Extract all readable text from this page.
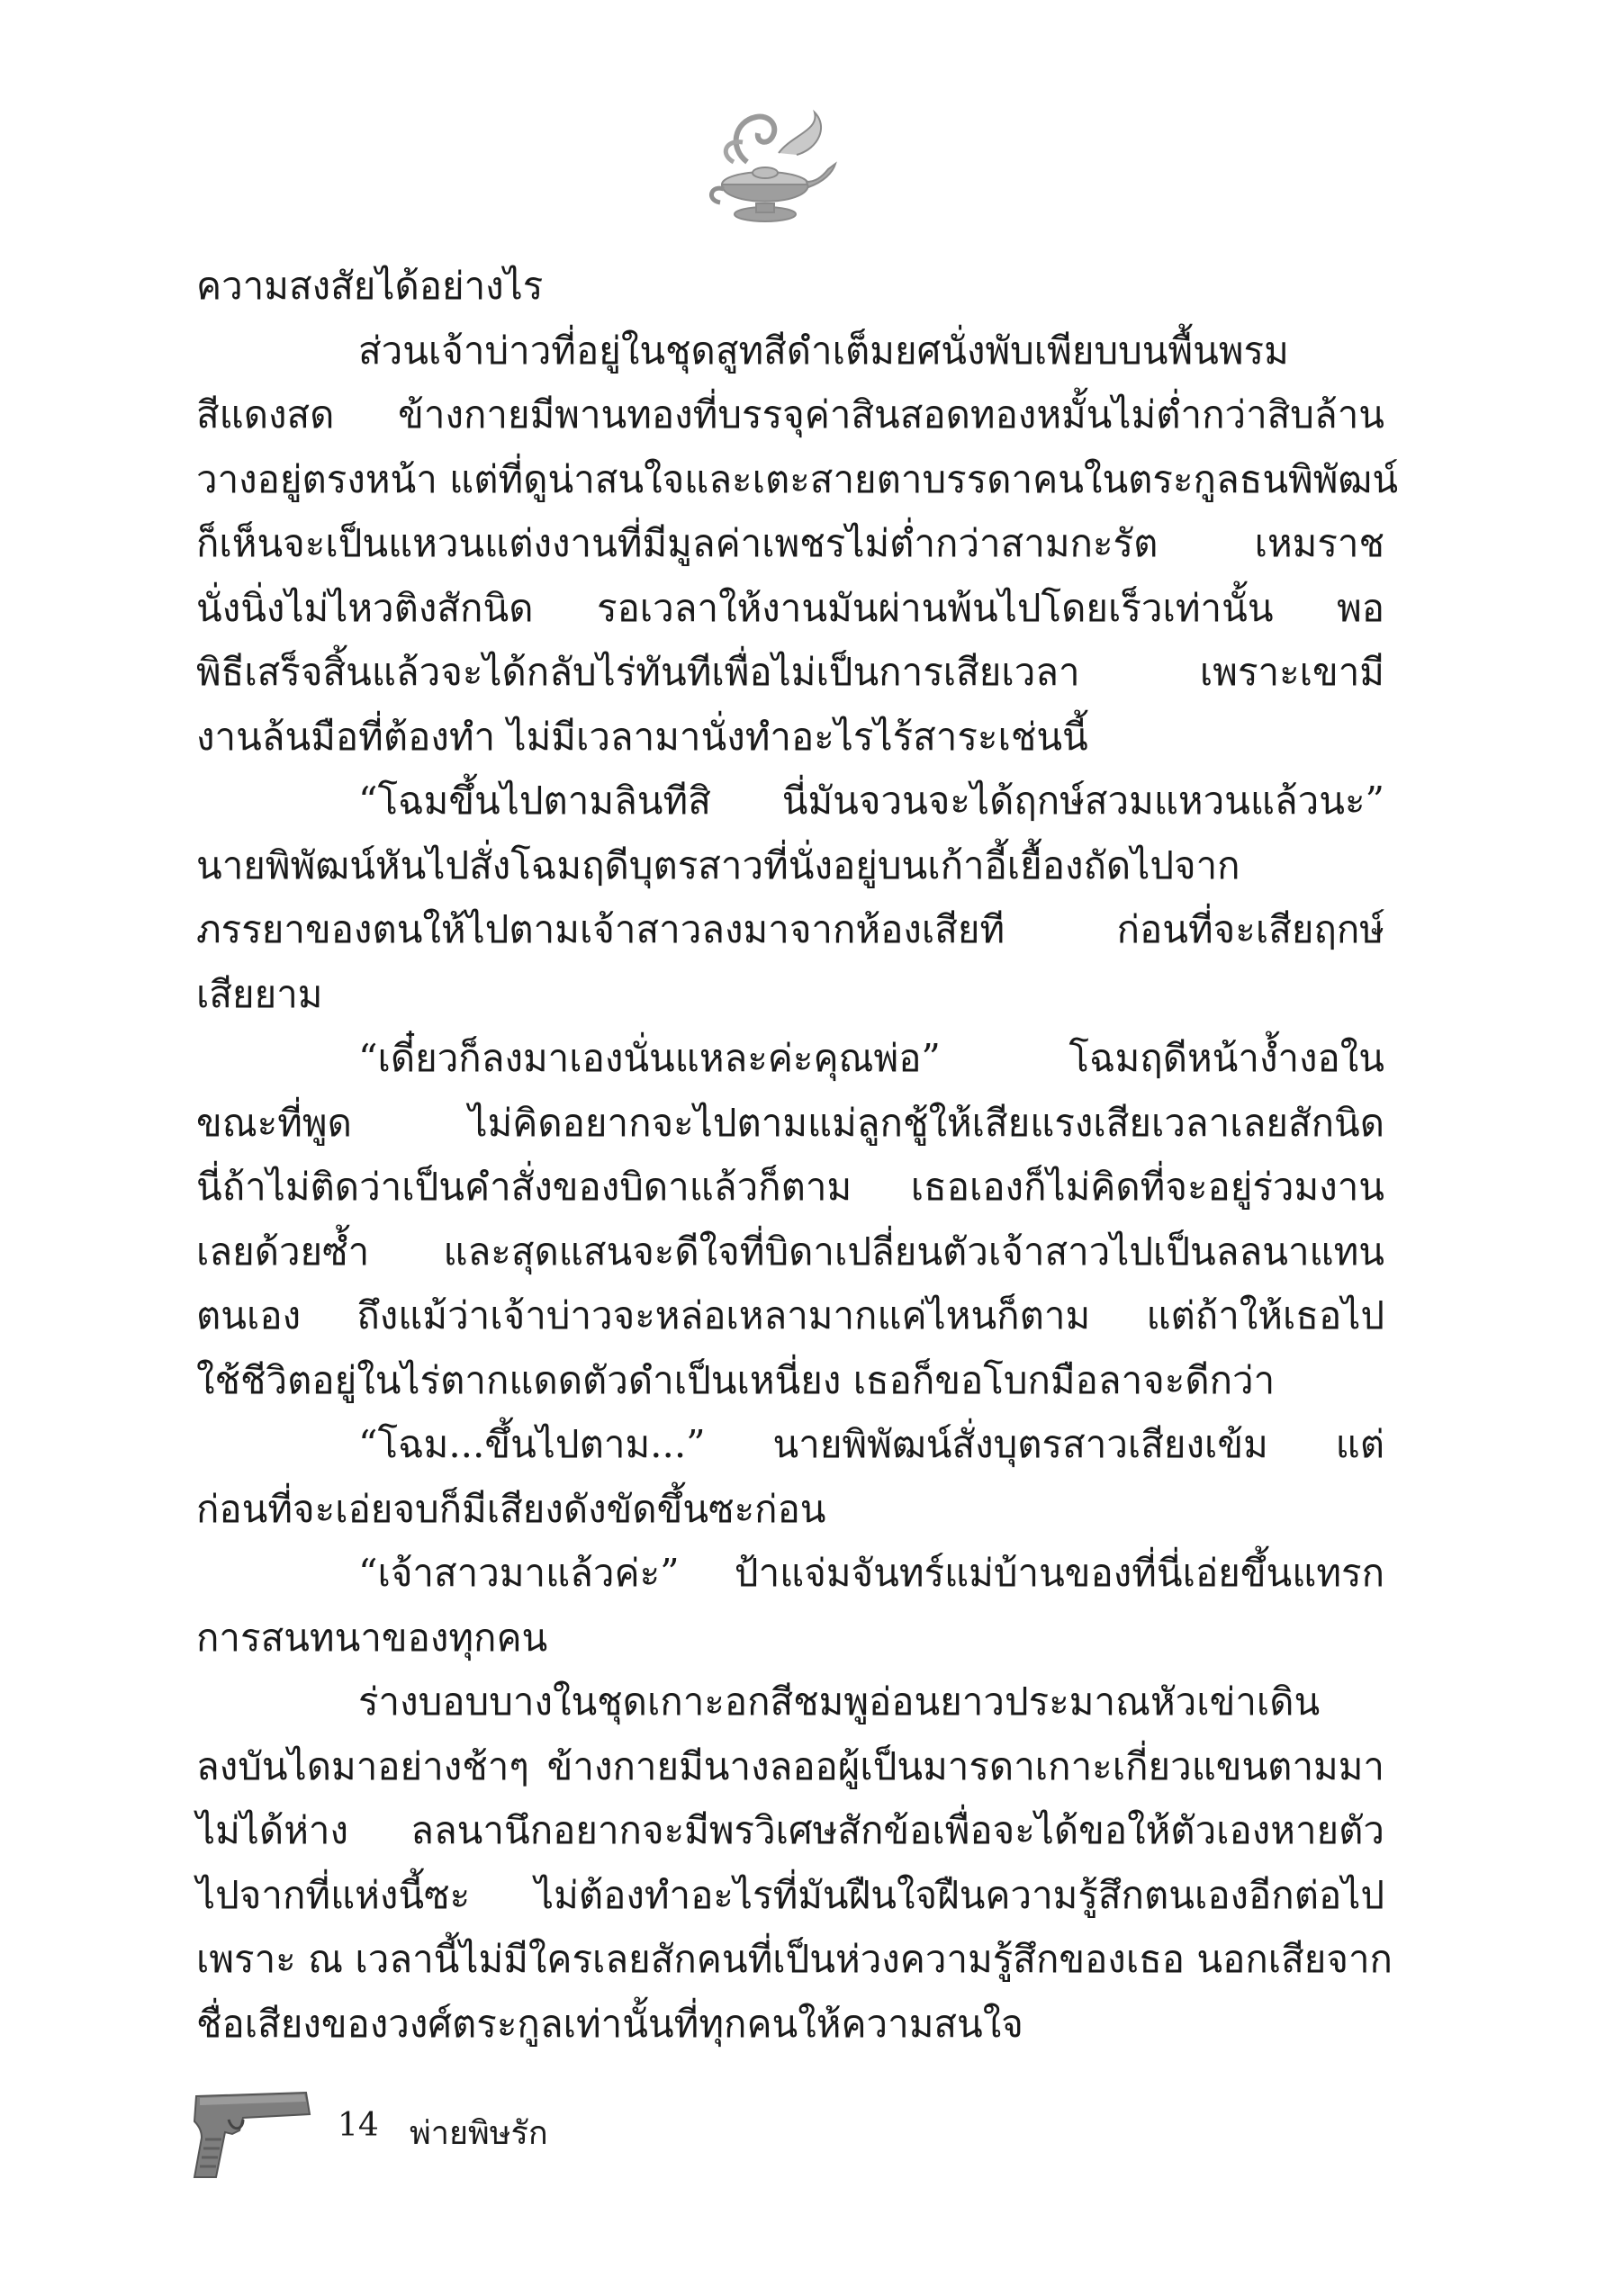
ความสงสัยได้อย่างไร
ส่วนเจ้าบ่าวที่อยู่ในชุดสูทสีดำเต็มยศนั่งพับเพียบบนพื้นพรม
สีแดงสด ข้างกายมีพานทองที่บรรจุค่าสินสอดทองหมั้นไม่ต่ำกว่าสิบล้าน
วางอยู่ตรงหน้า แต่ที่ดูน่าสนใจและเตะสายตาบรรดาคนในตระกูลธนพิพัฒน์
ก็เห็นจะเป็นแหวนแต่งงานที่มีมูลค่าเพชรไม่ต่ำกว่าสามกะรัต เหมราช
นั่งนิ่งไม่ไหวติงสักนิด รอเวลาให้งานมันผ่านพ้นไปโดยเร็วเท่านั้น พอ
พิธีเสร็จสิ้นแล้วจะได้กลับไร่ทันทีเพื่อไม่เป็นการเสียเวลา เพราะเขามี
งานล้นมือที่ต้องทำ ไม่มีเวลามานั่งทำอะไรไร้สาระเช่นนี้
“โฉมขึ้นไปตามลินทีสิ นี่มันจวนจะได้ฤกษ์สวมแหวนแล้วนะ”
นายพิพัฒน์หันไปสั่งโฉมฤดีบุตรสาวที่นั่งอยู่บนเก้าอี้เยื้องถัดไปจาก
ภรรยาของตนให้ไปตามเจ้าสาวลงมาจากห้องเสียที ก่อนที่จะเสียฤกษ์
เสียยาม
“เดี๋ยวก็ลงมาเองนั่นแหละค่ะคุณพ่อ” โฉมฤดีหน้างํ้างอใน
ขณะที่พูด ไม่คิดอยากจะไปตามแม่ลูกชู้ให้เสียแรงเสียเวลาเลยสักนิด
นี่ถ้าไม่ติดว่าเป็นคำสั่งของบิดาแล้วก็ตาม เธอเองก็ไม่คิดที่จะอยู่ร่วมงาน
เลยด้วยซ้ำ และสุดแสนจะดีใจที่บิดาเปลี่ยนตัวเจ้าสาวไปเป็นลลนาแทน
ตนเอง ถึงแม้ว่าเจ้าบ่าวจะหล่อเหลามากแค่ไหนก็ตาม แต่ถ้าให้เธอไป
ใช้ชีวิตอยู่ในไร่ตากแดดตัวดำเป็นเหนี่ยง เธอก็ขอโบกมือลาจะดีกว่า
“โฉม...ขึ้นไปตาม...” นายพิพัฒน์สั่งบุตรสาวเสียงเข้ม แต่
ก่อนที่จะเอ่ยจบก็มีเสียงดังขัดขึ้นซะก่อน
“เจ้าสาวมาแล้วค่ะ” ป้าแจ่มจันทร์แม่บ้านของที่นี่เอ่ยขึ้นแทรก
การสนทนาของทุกคน
ร่างบอบบางในชุดเกาะอกสีชมพูอ่อนยาวประมาณหัวเข่าเดิน
ลงบันไดมาอย่างช้าๆ ข้างกายมีนางลออผู้เป็นมารดาเกาะเกี่ยวแขนตามมา
ไม่ได้ห่าง ลลนานึกอยากจะมีพรวิเศษสักข้อเพื่อจะได้ขอให้ตัวเองหายตัว
ไปจากที่แห่งนี้ซะ ไม่ต้องทำอะไรที่มันฝืนใจฝืนความรู้สึกตนเองอีกต่อไป
เพราะ ณ เวลานี้ไม่มีใครเลยสักคนที่เป็นห่วงความรู้สึกของเธอ นอกเสียจาก
ชื่อเสียงของวงศ์ตระกูลเท่านั้นที่ทุกคนให้ความสนใจ
14 พ่ายพิษรัก
